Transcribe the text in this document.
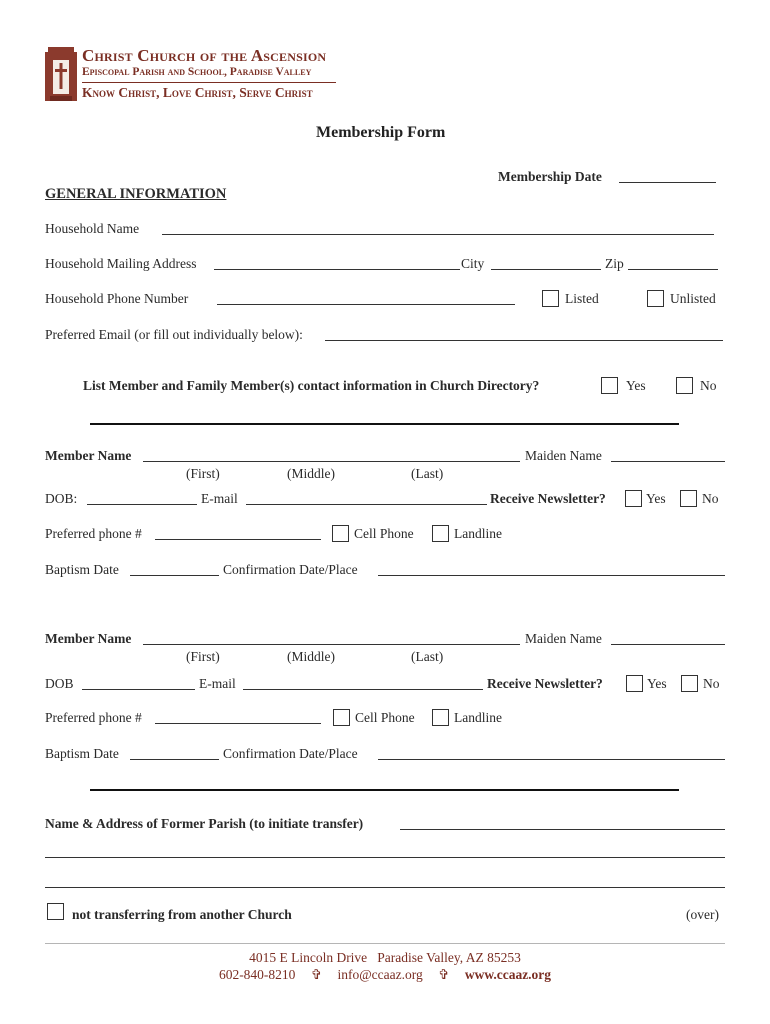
Christ Church of the Ascension
Episcopal Parish and School, Paradise Valley
Know Christ, Love Christ, Serve Christ
Membership Form
Membership Date
GENERAL INFORMATION
Household Name
Household Mailing Address	City	Zip
Household Phone Number	Listed	Unlisted
Preferred Email (or fill out individually below):
List Member and Family Member(s) contact information in Church Directory?	Yes	No
Member Name	Maiden Name
(First)	(Middle)	(Last)
DOB:	E-mail	Receive Newsletter?	Yes	No
Preferred phone #	Cell Phone	Landline
Baptism Date	Confirmation Date/Place
Member Name	Maiden Name
(First)	(Middle)	(Last)
DOB	E-mail	Receive Newsletter?	Yes	No
Preferred phone #	Cell Phone	Landline
Baptism Date	Confirmation Date/Place
Name & Address of Former Parish (to initiate transfer)
not transferring from another Church	(over)
4015 E Lincoln Drive   Paradise Valley, AZ 85253
602-840-8210 ✞ info@ccaaz.org ✞ www.ccaaz.org
